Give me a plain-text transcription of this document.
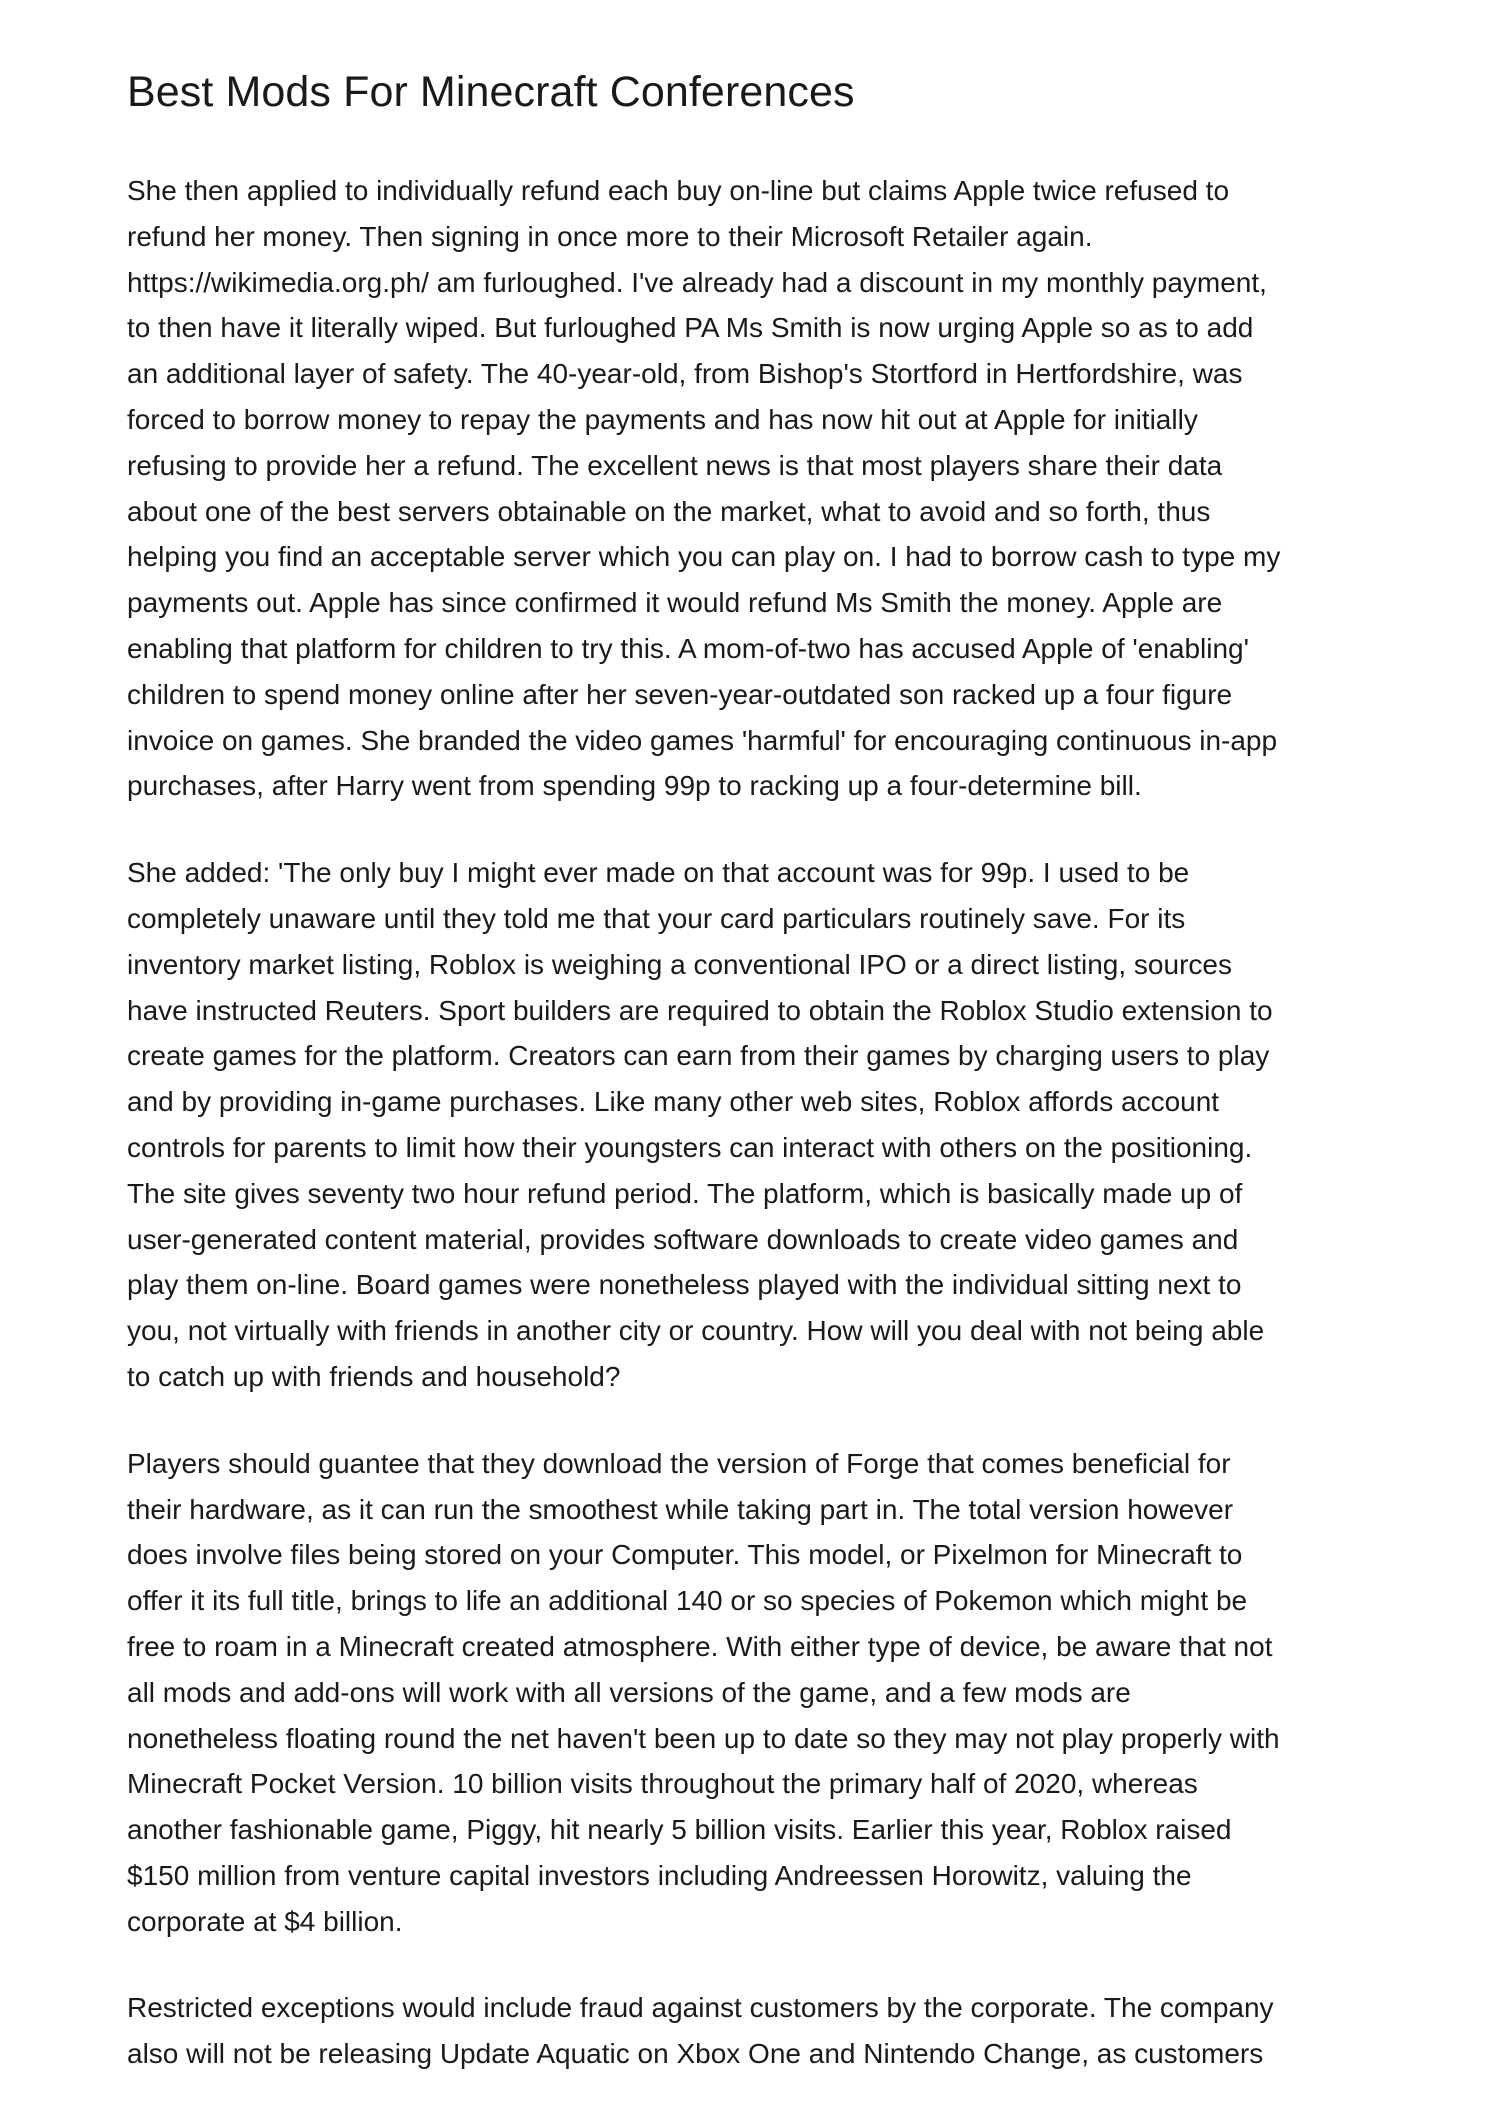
Best Mods For Minecraft Conferences

She then applied to individually refund each buy on-line but claims Apple twice refused to
refund her money. Then signing in once more to their Microsoft Retailer again.
https://wikimedia.org.ph/ am furloughed. I've already had a discount in my monthly payment,
to then have it literally wiped. But furloughed PA Ms Smith is now urging Apple so as to add
an additional layer of safety. The 40-year-old, from Bishop's Stortford in Hertfordshire, was
forced to borrow money to repay the payments and has now hit out at Apple for initially
refusing to provide her a refund. The excellent news is that most players share their data
about one of the best servers obtainable on the market, what to avoid and so forth, thus
helping you find an acceptable server which you can play on. I had to borrow cash to type my
payments out. Apple has since confirmed it would refund Ms Smith the money. Apple are
enabling that platform for children to try this. A mom-of-two has accused Apple of 'enabling'
children to spend money online after her seven-year-outdated son racked up a four figure
invoice on games. She branded the video games 'harmful' for encouraging continuous in-app
purchases, after Harry went from spending 99p to racking up a four-determine bill.

She added: 'The only buy I might ever made on that account was for 99p. I used to be
completely unaware until they told me that your card particulars routinely save. For its
inventory market listing, Roblox is weighing a conventional IPO or a direct listing, sources
have instructed Reuters. Sport builders are required to obtain the Roblox Studio extension to
create games for the platform. Creators can earn from their games by charging users to play
and by providing in-game purchases. Like many other web sites, Roblox affords account
controls for parents to limit how their youngsters can interact with others on the positioning.
The site gives seventy two hour refund period. The platform, which is basically made up of
user-generated content material, provides software downloads to create video games and
play them on-line. Board games were nonetheless played with the individual sitting next to
you, not virtually with friends in another city or country. How will you deal with not being able
to catch up with friends and household?

Players should guantee that they download the version of Forge that comes beneficial for
their hardware, as it can run the smoothest while taking part in. The total version however
does involve files being stored on your Computer. This model, or Pixelmon for Minecraft to
offer it its full title, brings to life an additional 140 or so species of Pokemon which might be
free to roam in a Minecraft created atmosphere. With either type of device, be aware that not
all mods and add-ons will work with all versions of the game, and a few mods are
nonetheless floating round the net haven't been up to date so they may not play properly with
Minecraft Pocket Version. 10 billion visits throughout the primary half of 2020, whereas
another fashionable game, Piggy, hit nearly 5 billion visits. Earlier this year, Roblox raised
$150 million from venture capital investors including Andreessen Horowitz, valuing the
corporate at $4 billion.

Restricted exceptions would include fraud against customers by the corporate. The company
also will not be releasing Update Aquatic on Xbox One and Nintendo Change, as customers
